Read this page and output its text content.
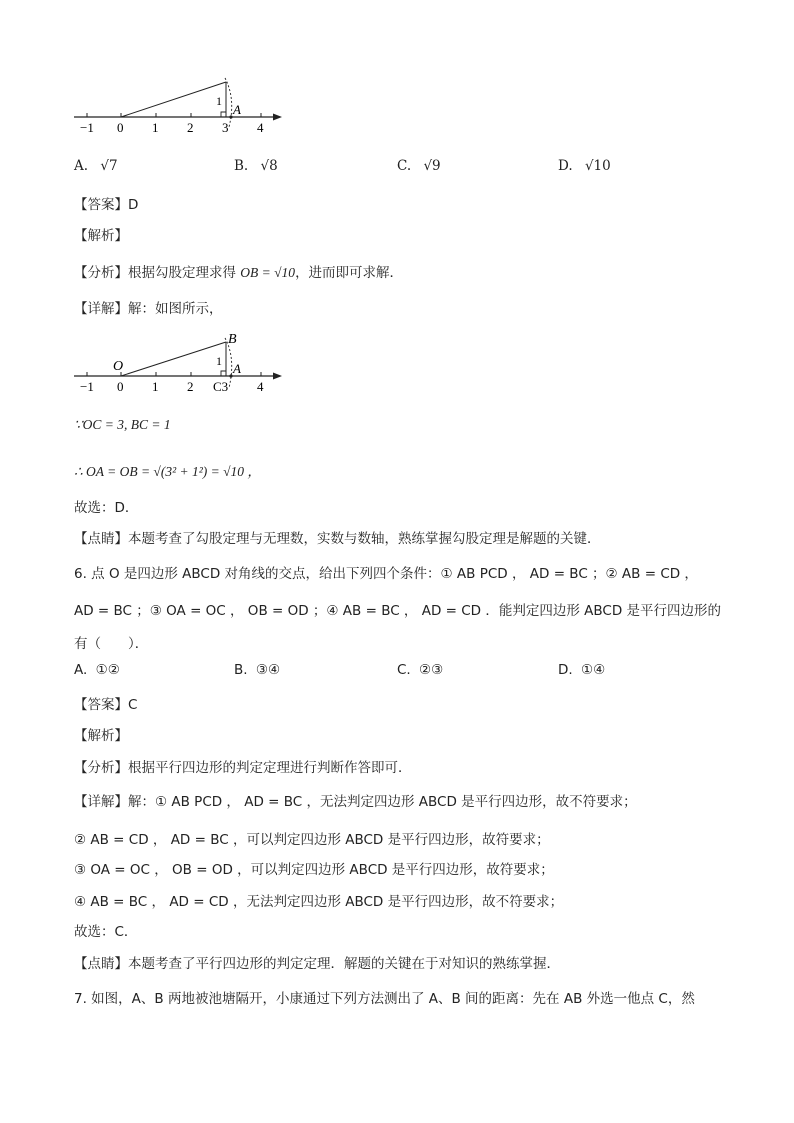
−1 0 1 2 3 4
1
A
A. √7	B. √8	C. √9	D. √10
【答案】D
【解析】
【分析】根据勾股定理求得 OB = √10，进而即可求解．
【详解】解：如图所示，
O
B
1 A
−1 0 1 2 C3 4
∵OC = 3, BC = 1
∴ OA = OB = √(3² + 1²) = √10 ，
故选：D．
【点睛】本题考查了勾股定理与无理数，实数与数轴，熟练掌握勾股定理是解题的关键．
6. 点 O 是四边形 ABCD 对角线的交点，给出下列四个条件：① AB PCD ， AD = BC ；② AB = CD ，
AD = BC ；③ OA = OC ， OB = OD ；④ AB = BC ， AD = CD ．能判定四边形 ABCD 是平行四边形的
有（　　）．
A. ①②	B. ③④	C. ②③	D. ①④
【答案】C
【解析】
【分析】根据平行四边形的判定定理进行判断作答即可．
【详解】解：① AB PCD ， AD = BC ，无法判定四边形 ABCD 是平行四边形，故不符要求；
② AB = CD ， AD = BC ，可以判定四边形 ABCD 是平行四边形，故符要求；
③ OA = OC ， OB = OD ，可以判定四边形 ABCD 是平行四边形，故符要求；
④ AB = BC ， AD = CD ，无法判定四边形 ABCD 是平行四边形，故不符要求；
故选：C．
【点睛】本题考查了平行四边形的判定定理．解题的关键在于对知识的熟练掌握．
7. 如图，A、B 两地被池塘隔开，小康通过下列方法测出了 A、B 间的距离：先在 AB 外选一他点 C，然
